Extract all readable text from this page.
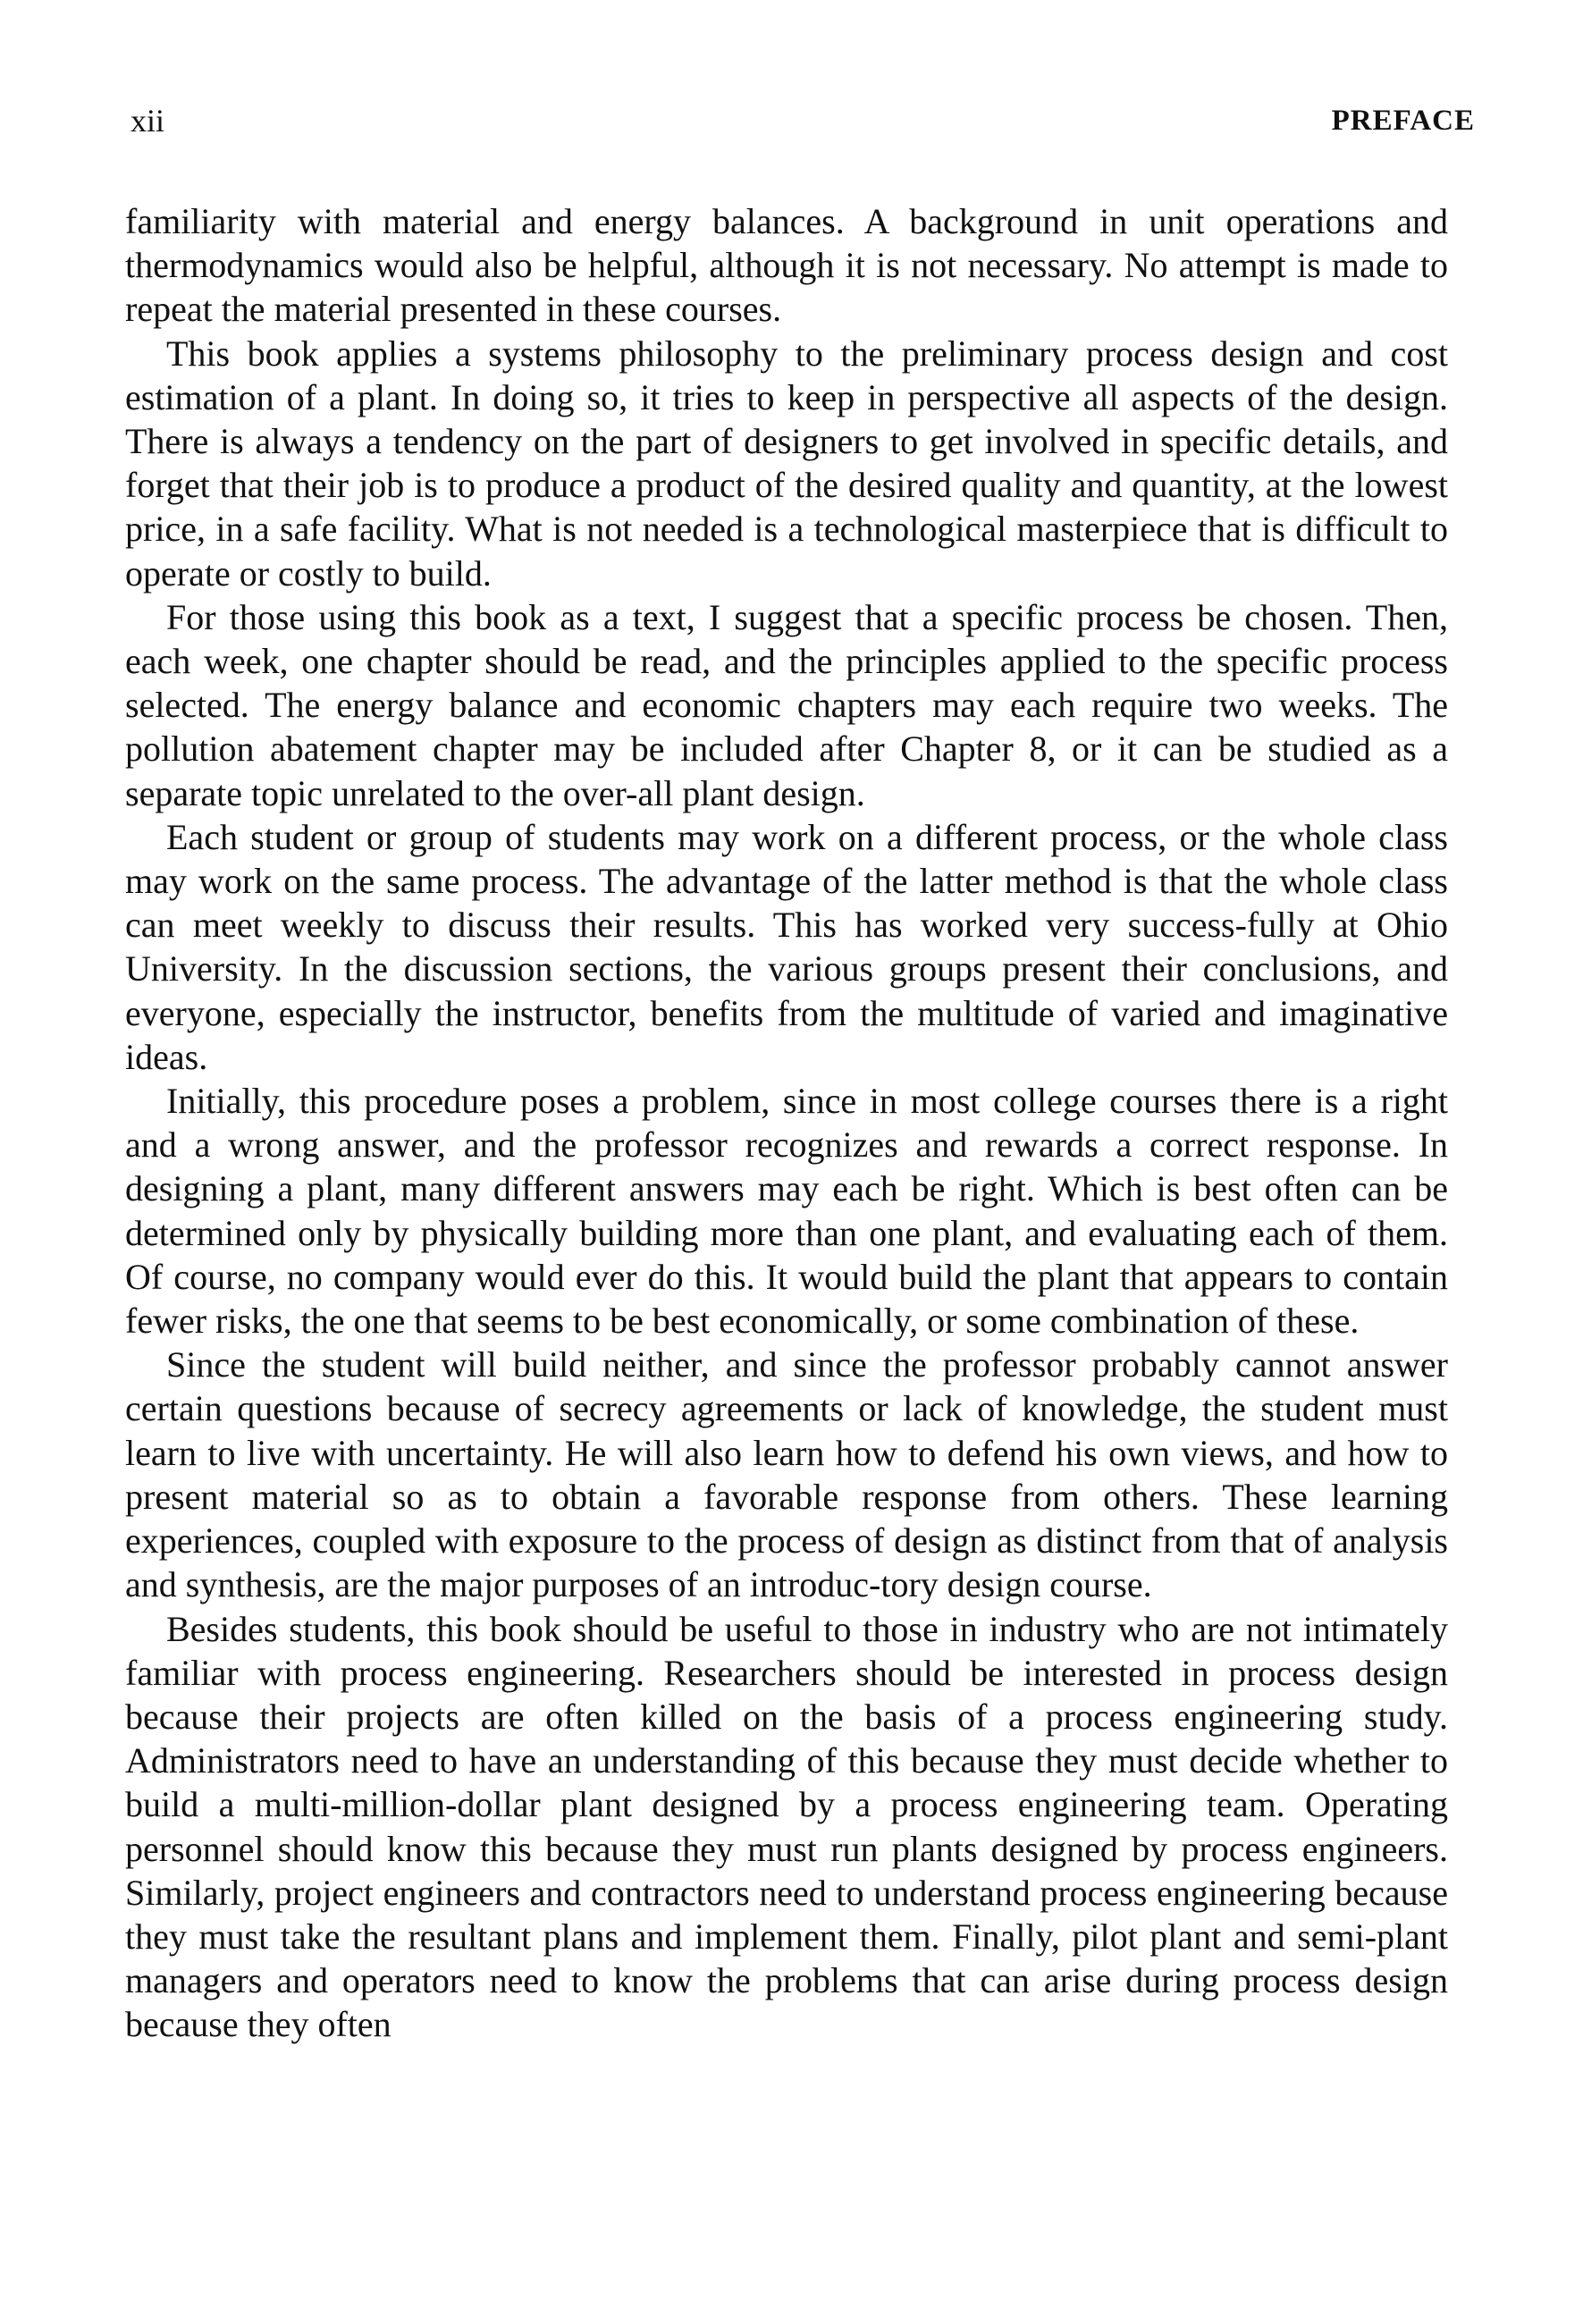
xii	PREFACE

familiarity with material and energy balances. A background in unit operations and thermodynamics would also be helpful, although it is not necessary. No attempt is made to repeat the material presented in these courses.

This book applies a systems philosophy to the preliminary process design and cost estimation of a plant. In doing so, it tries to keep in perspective all aspects of the design. There is always a tendency on the part of designers to get involved in specific details, and forget that their job is to produce a product of the desired quality and quantity, at the lowest price, in a safe facility. What is not needed is a technological masterpiece that is difficult to operate or costly to build.

For those using this book as a text, I suggest that a specific process be chosen. Then, each week, one chapter should be read, and the principles applied to the specific process selected. The energy balance and economic chapters may each require two weeks. The pollution abatement chapter may be included after Chapter 8, or it can be studied as a separate topic unrelated to the over-all plant design.

Each student or group of students may work on a different process, or the whole class may work on the same process. The advantage of the latter method is that the whole class can meet weekly to discuss their results. This has worked very success-fully at Ohio University. In the discussion sections, the various groups present their conclusions, and everyone, especially the instructor, benefits from the multitude of varied and imaginative ideas.

Initially, this procedure poses a problem, since in most college courses there is a right and a wrong answer, and the professor recognizes and rewards a correct response. In designing a plant, many different answers may each be right. Which is best often can be determined only by physically building more than one plant, and evaluating each of them. Of course, no company would ever do this. It would build the plant that appears to contain fewer risks, the one that seems to be best economically, or some combination of these.

Since the student will build neither, and since the professor probably cannot answer certain questions because of secrecy agreements or lack of knowledge, the student must learn to live with uncertainty. He will also learn how to defend his own views, and how to present material so as to obtain a favorable response from others. These learning experiences, coupled with exposure to the process of design as distinct from that of analysis and synthesis, are the major purposes of an introduc-tory design course.

Besides students, this book should be useful to those in industry who are not intimately familiar with process engineering. Researchers should be interested in process design because their projects are often killed on the basis of a process engineering study. Administrators need to have an understanding of this because they must decide whether to build a multi-million-dollar plant designed by a process engineering team. Operating personnel should know this because they must run plants designed by process engineers. Similarly, project engineers and contractors need to understand process engineering because they must take the resultant plans and implement them. Finally, pilot plant and semi-plant managers and operators need to know the problems that can arise during process design because they often
